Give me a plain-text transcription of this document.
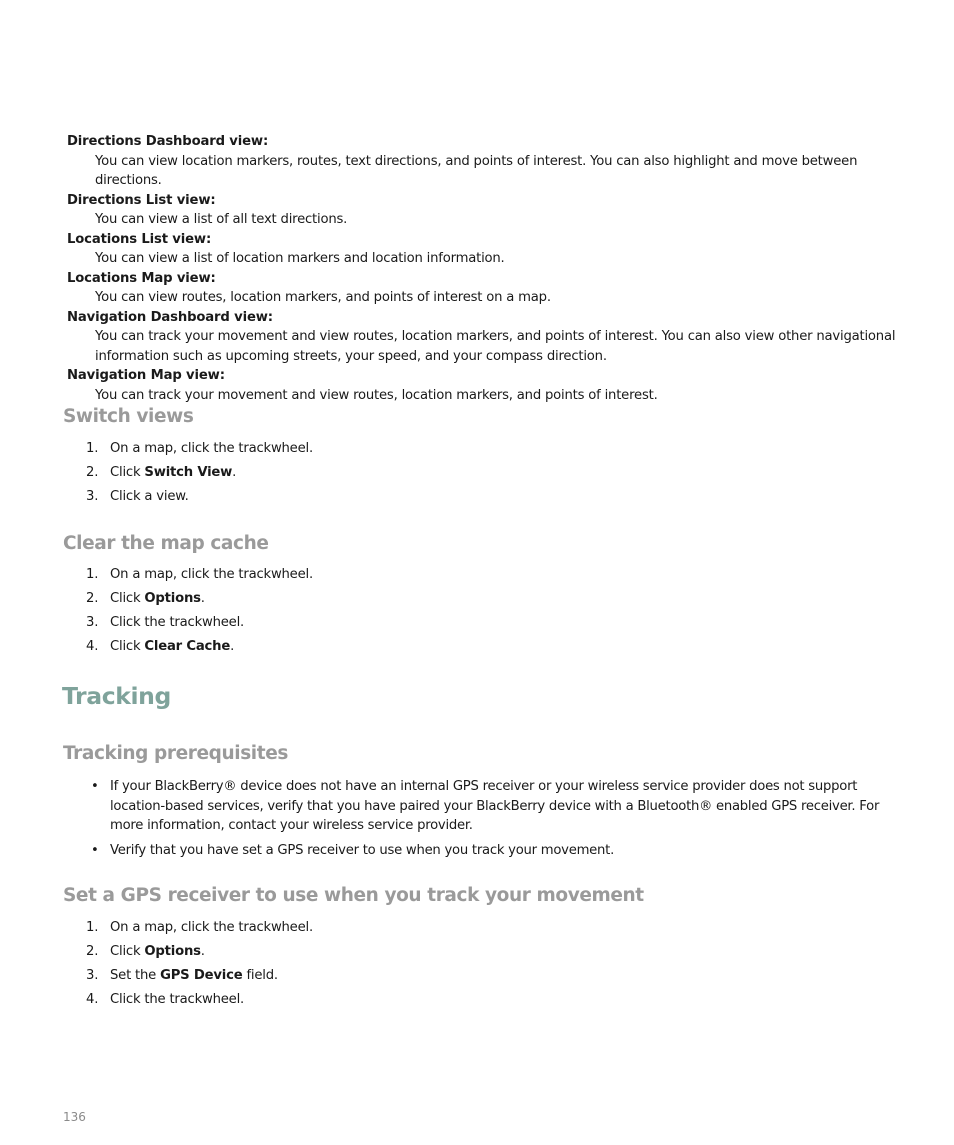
Directions Dashboard view:
You can view location markers, routes, text directions, and points of interest. You can also highlight and move between directions.
Directions List view:
You can view a list of all text directions.
Locations List view:
You can view a list of location markers and location information.
Locations Map view:
You can view routes, location markers, and points of interest on a map.
Navigation Dashboard view:
You can track your movement and view routes, location markers, and points of interest. You can also view other navigational information such as upcoming streets, your speed, and your compass direction.
Navigation Map view:
You can track your movement and view routes, location markers, and points of interest.
Switch views
1. On a map, click the trackwheel.
2. Click Switch View.
3. Click a view.
Clear the map cache
1. On a map, click the trackwheel.
2. Click Options.
3. Click the trackwheel.
4. Click Clear Cache.
Tracking
Tracking prerequisites
• If your BlackBerry® device does not have an internal GPS receiver or your wireless service provider does not support location-based services, verify that you have paired your BlackBerry device with a Bluetooth® enabled GPS receiver. For more information, contact your wireless service provider.
• Verify that you have set a GPS receiver to use when you track your movement.
Set a GPS receiver to use when you track your movement
1. On a map, click the trackwheel.
2. Click Options.
3. Set the GPS Device field.
4. Click the trackwheel.
136
